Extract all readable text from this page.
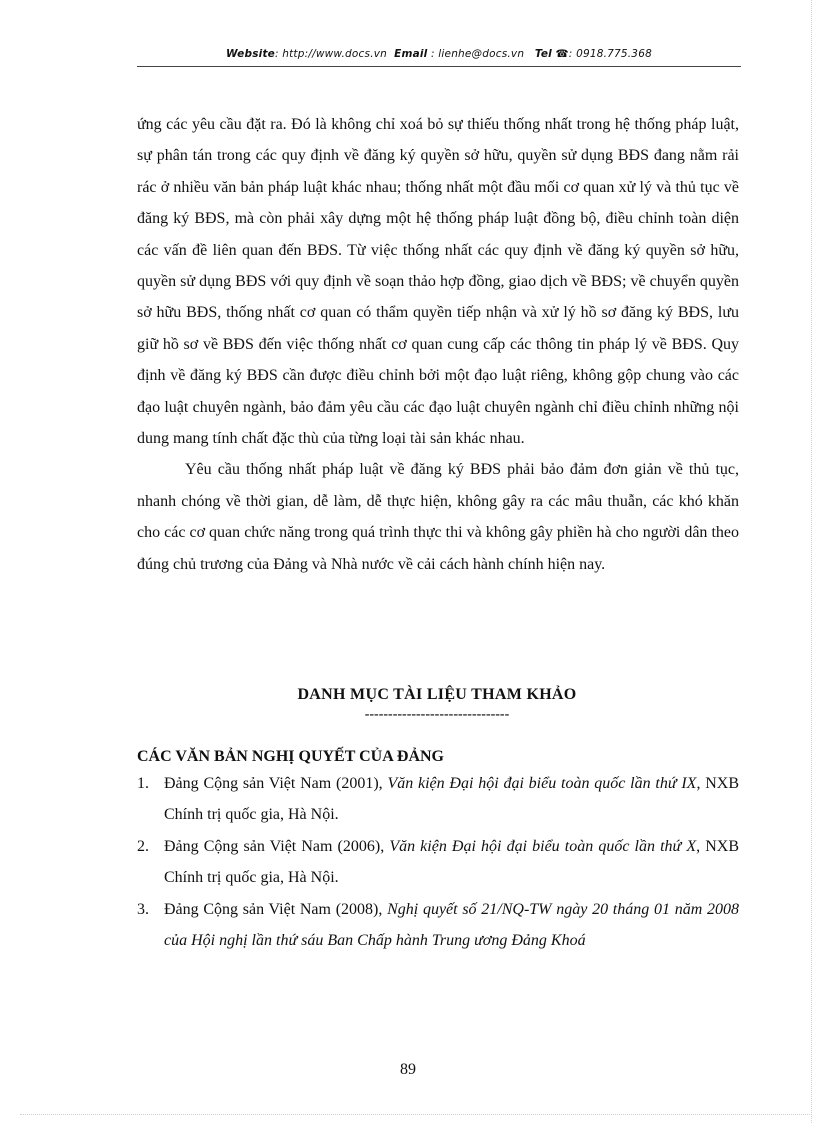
Website: http://www.docs.vn Email : lienhe@docs.vn Tel ☎: 0918.775.368

ứng các yêu cầu đặt ra. Đó là không chỉ xoá bỏ sự thiếu thống nhất trong hệ thống pháp luật, sự phân tán trong các quy định về đăng ký quyền sở hữu, quyền sử dụng BĐS đang nằm rải rác ở nhiều văn bản pháp luật khác nhau; thống nhất một đầu mối cơ quan xử lý và thủ tục về đăng ký BĐS, mà còn phải xây dựng một hệ thống pháp luật đồng bộ, điều chỉnh toàn diện các vấn đề liên quan đến BĐS. Từ việc thống nhất các quy định về đăng ký quyền sở hữu, quyền sử dụng BĐS với quy định về soạn thảo hợp đồng, giao dịch về BĐS; về chuyển quyền sở hữu BĐS, thống nhất cơ quan có thẩm quyền tiếp nhận và xử lý hồ sơ đăng ký BĐS, lưu giữ hồ sơ về BĐS đến việc thống nhất cơ quan cung cấp các thông tin pháp lý về BĐS. Quy định về đăng ký BĐS cần được điều chỉnh bởi một đạo luật riêng, không gộp chung vào các đạo luật chuyên ngành, bảo đảm yêu cầu các đạo luật chuyên ngành chỉ điều chỉnh những nội dung mang tính chất đặc thù của từng loại tài sản khác nhau.

Yêu cầu thống nhất pháp luật về đăng ký BĐS phải bảo đảm đơn giản về thủ tục, nhanh chóng về thời gian, dễ làm, dễ thực hiện, không gây ra các mâu thuẫn, các khó khăn cho các cơ quan chức năng trong quá trình thực thi và không gây phiền hà cho người dân theo đúng chủ trương của Đảng và Nhà nước về cải cách hành chính hiện nay.

DANH MỤC TÀI LIỆU THAM KHẢO
-------------------------------
CÁC VĂN BẢN NGHỊ QUYẾT CỦA ĐẢNG
1. Đảng Cộng sản Việt Nam (2001), Văn kiện Đại hội đại biểu toàn quốc lần thứ IX, NXB Chính trị quốc gia, Hà Nội.
2. Đảng Cộng sản Việt Nam (2006), Văn kiện Đại hội đại biểu toàn quốc lần thứ X, NXB Chính trị quốc gia, Hà Nội.
3. Đảng Cộng sản Việt Nam (2008), Nghị quyết số 21/NQ-TW ngày 20 tháng 01 năm 2008 của Hội nghị lần thứ sáu Ban Chấp hành Trung ương Đảng Khoá
89
